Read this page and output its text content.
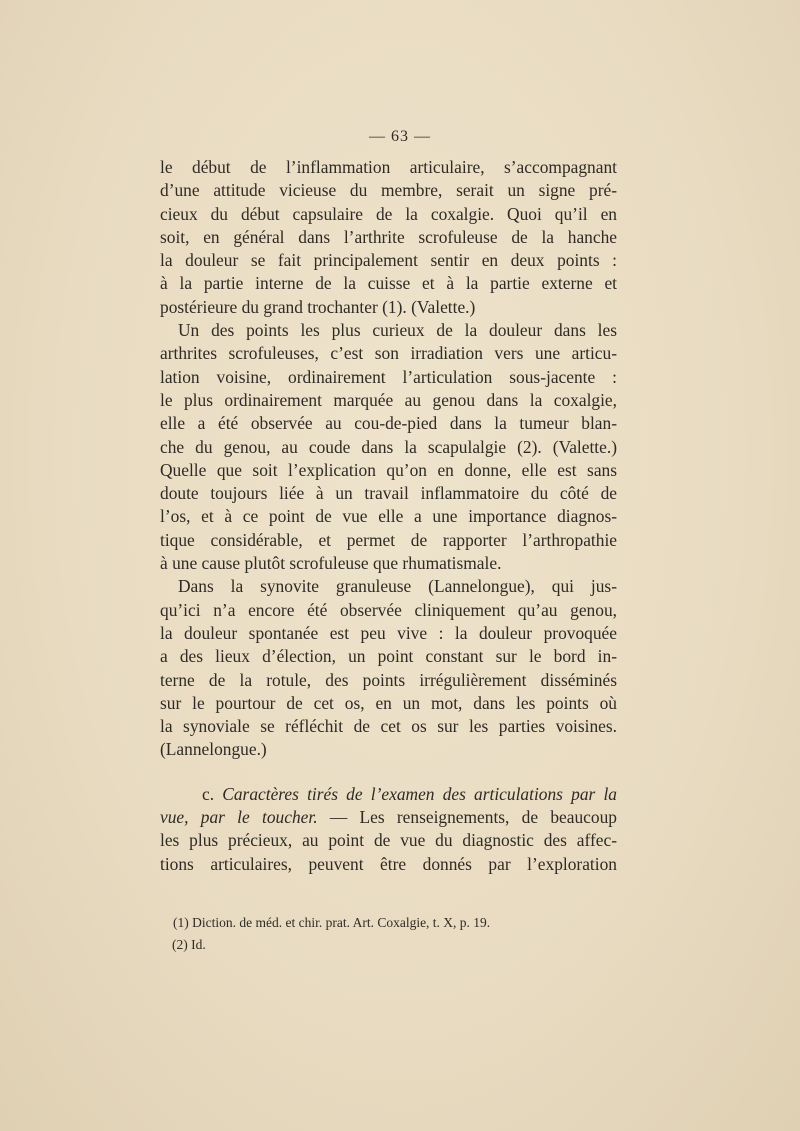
— 63 —
le début de l’inflammation articulaire, s’accompagnant
d’une attitude vicieuse du membre, serait un signe pré-
cieux du début capsulaire de la coxalgie. Quoi qu’il en
soit, en général dans l’arthrite scrofuleuse de la hanche
la douleur se fait principalement sentir en deux points :
à la partie interne de la cuisse et à la partie externe et
postérieure du grand trochanter (1). (Valette.)
Un des points les plus curieux de la douleur dans les
arthrites scrofuleuses, c’est son irradiation vers une articu-
lation voisine, ordinairement l’articulation sous-jacente :
le plus ordinairement marquée au genou dans la coxalgie,
elle a été observée au cou-de-pied dans la tumeur blan-
che du genou, au coude dans la scapulalgie (2). (Valette.)
Quelle que soit l’explication qu’on en donne, elle est sans
doute toujours liée à un travail inflammatoire du côté de
l’os, et à ce point de vue elle a une importance diagnos-
tique considérable, et permet de rapporter l’arthropathie
à une cause plutôt scrofuleuse que rhumatismale.
Dans la synovite granuleuse (Lannelongue), qui jus-
qu’ici n’a encore été observée cliniquement qu’au genou,
la douleur spontanée est peu vive : la douleur provoquée
a des lieux d’élection, un point constant sur le bord in-
terne de la rotule, des points irrégulièrement disséminés
sur le pourtour de cet os, en un mot, dans les points où
la synoviale se réfléchit de cet os sur les parties voisines.
(Lannelongue.)
c. Caractères tirés de l’examen des articulations par la
vue, par le toucher. — Les renseignements, de beaucoup
les plus précieux, au point de vue du diagnostic des affec-
tions articulaires, peuvent être donnés par l’exploration
(1) Diction. de méd. et chir. prat. Art. Coxalgie, t. X, p. 19.
(2) Id.
